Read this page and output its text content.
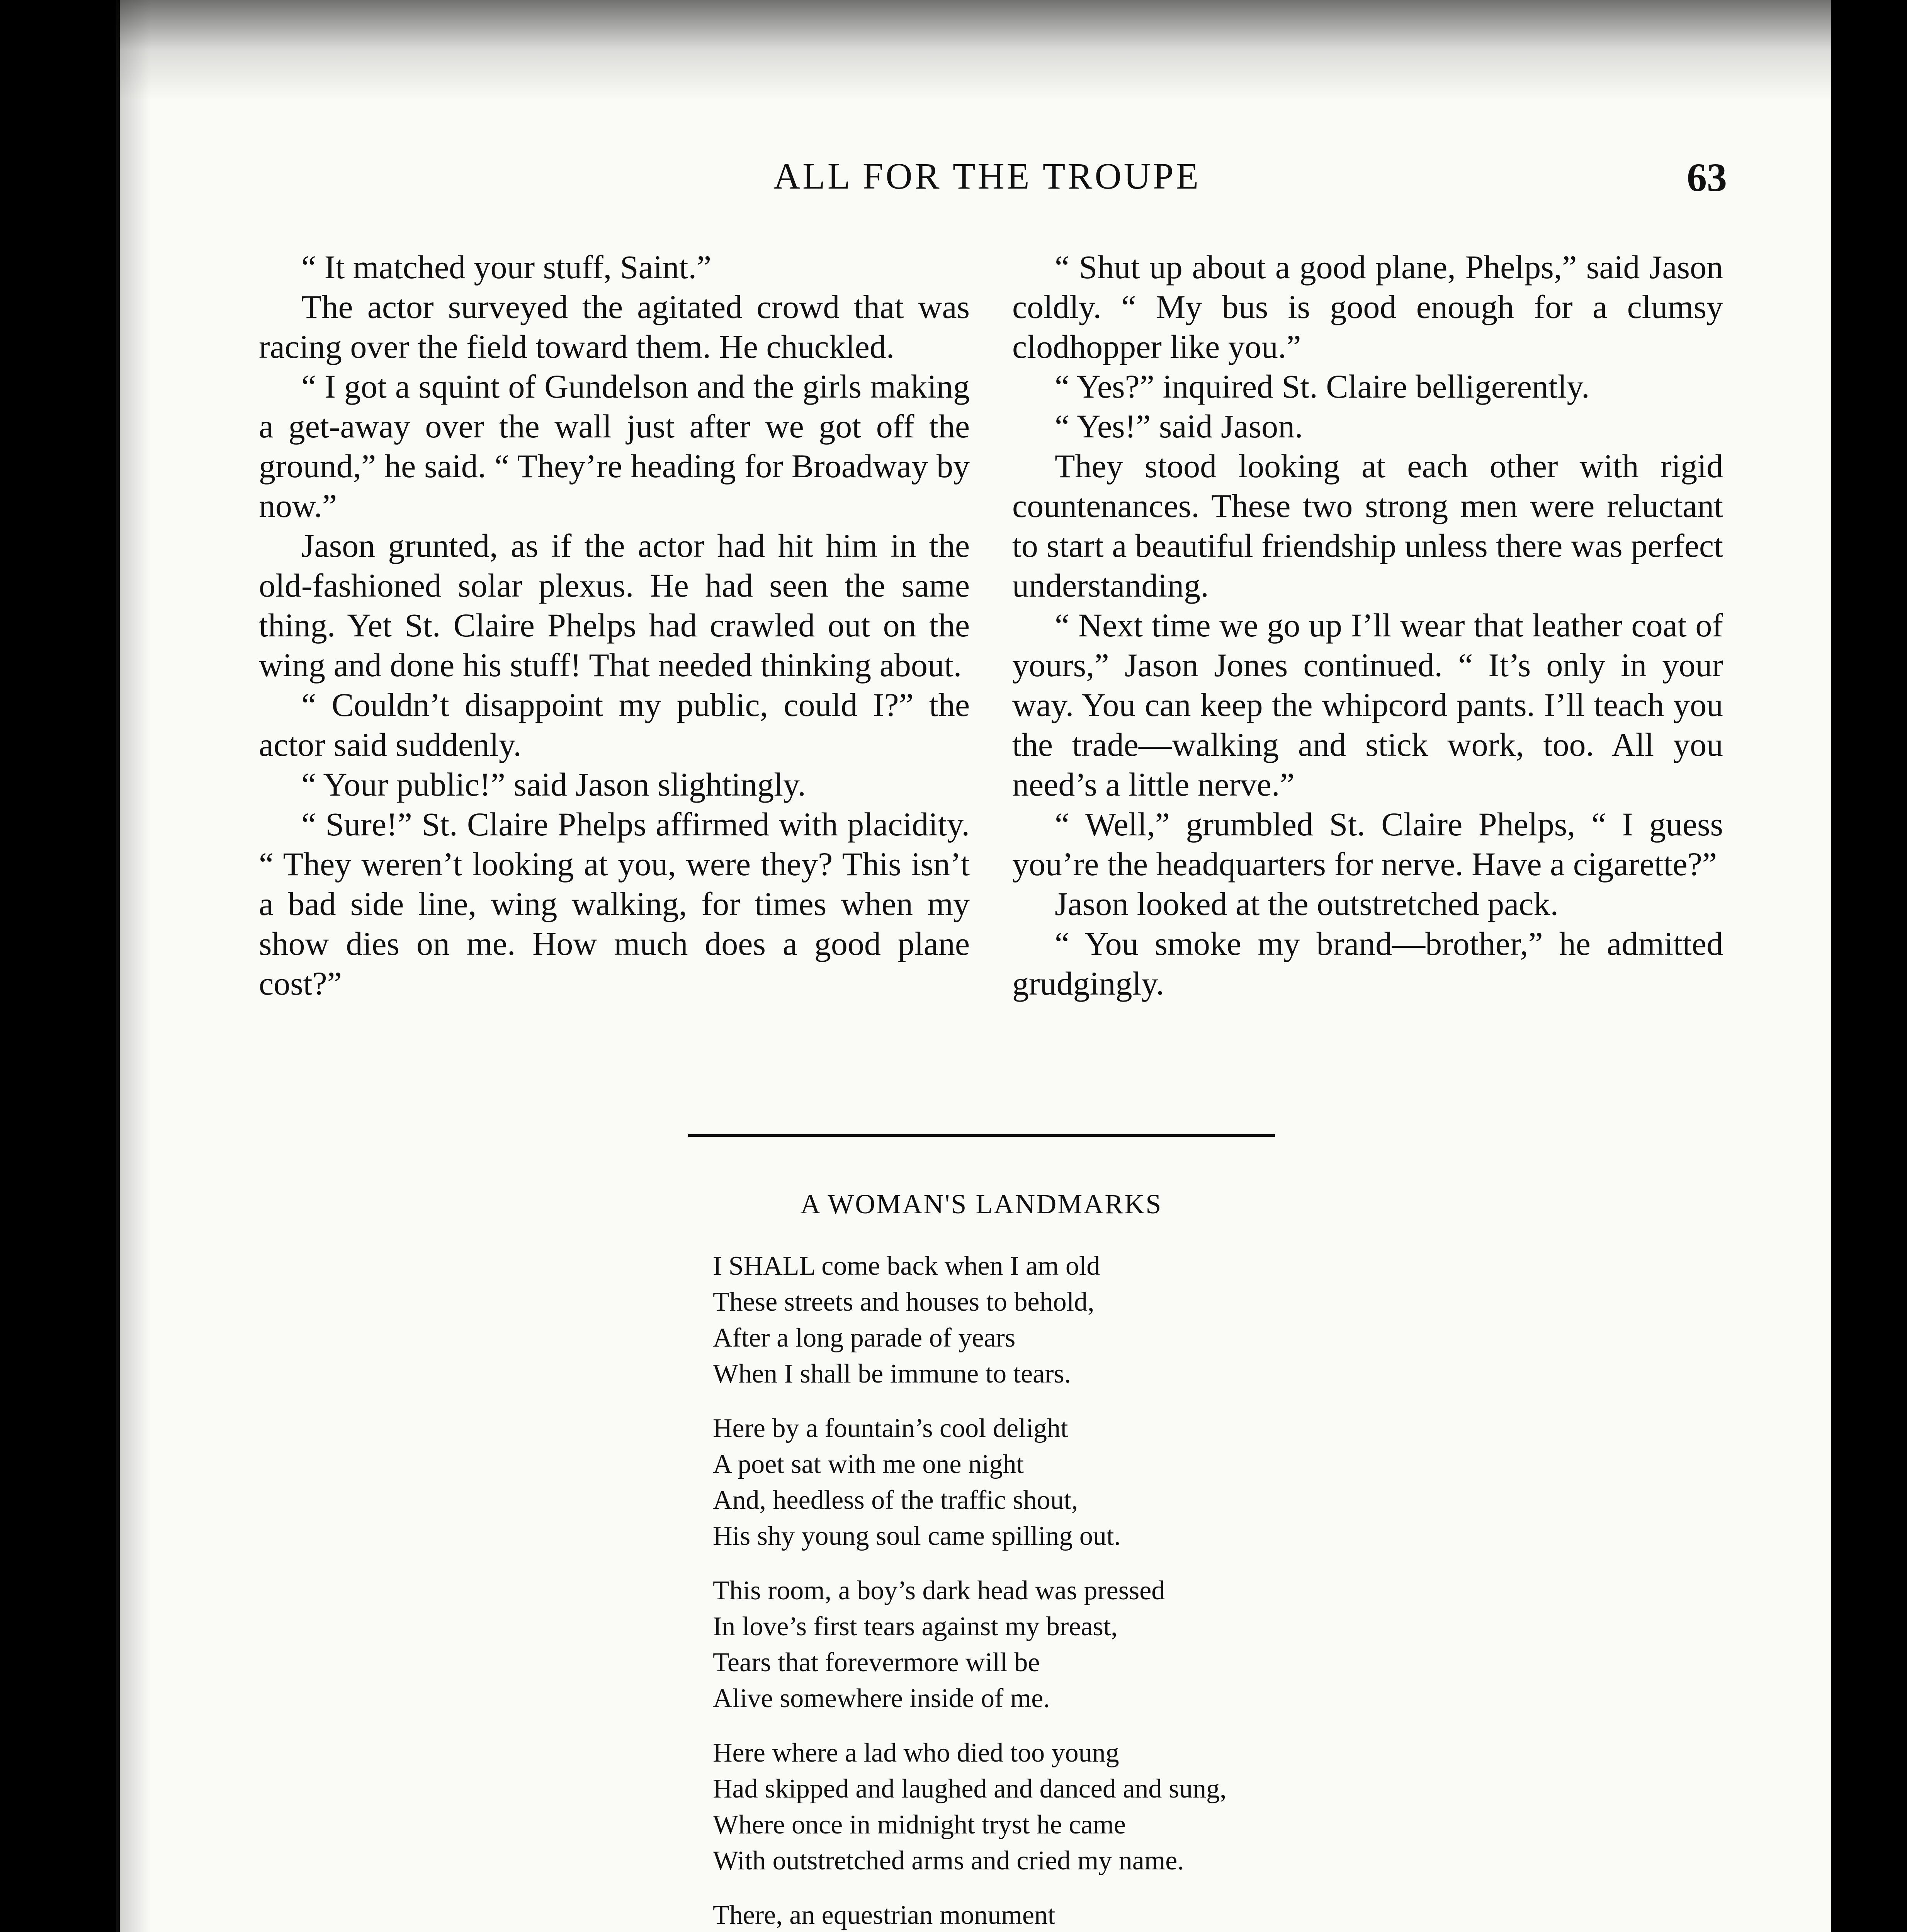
ALL FOR THE TROUPE	63

“ It matched your stuff, Saint.”

The actor surveyed the agitated crowd that was racing over the field toward them. He chuckled.

“ I got a squint of Gundelson and the girls making a get-away over the wall just after we got off the ground,” he said. “ They’re heading for Broadway by now.”

Jason grunted, as if the actor had hit him in the old-fashioned solar plexus. He had seen the same thing. Yet St. Claire Phelps had crawled out on the wing and done his stuff! That needed thinking about.

“ Couldn’t disappoint my public, could I?” the actor said suddenly.

“ Your public!” said Jason slightingly.

“ Sure!” St. Claire Phelps affirmed with placidity. “ They weren’t looking at you, were they? This isn’t a bad side line, wing walking, for times when my show dies on me. How much does a good plane cost?”

“ Shut up about a good plane, Phelps,” said Jason coldly. “ My bus is good enough for a clumsy clodhopper like you.”

“ Yes?” inquired St. Claire belligerently.

“ Yes!” said Jason.

They stood looking at each other with rigid countenances. These two strong men were reluctant to start a beautiful friendship unless there was perfect understanding.

“ Next time we go up I’ll wear that leather coat of yours,” Jason Jones continued. “ It’s only in your way. You can keep the whipcord pants. I’ll teach you the trade—walking and stick work, too. All you need’s a little nerve.”

“ Well,” grumbled St. Claire Phelps, “ I guess you’re the headquarters for nerve. Have a cigarette?”

Jason looked at the outstretched pack.

“ You smoke my brand—brother,” he admitted grudgingly.

A WOMAN'S LANDMARKS
I SHALL come back when I am old
These streets and houses to behold,
After a long parade of years
When I shall be immune to tears.
Here by a fountain’s cool delight
A poet sat with me one night
And, heedless of the traffic shout,
His shy young soul came spilling out.
This room, a boy’s dark head was pressed
In love’s first tears against my breast,
Tears that forevermore will be
Alive somewhere inside of me.
Here where a lad who died too young
Had skipped and laughed and danced and sung,
Where once in midnight tryst he came
With outstretched arms and cried my name.
There, an equestrian monument
